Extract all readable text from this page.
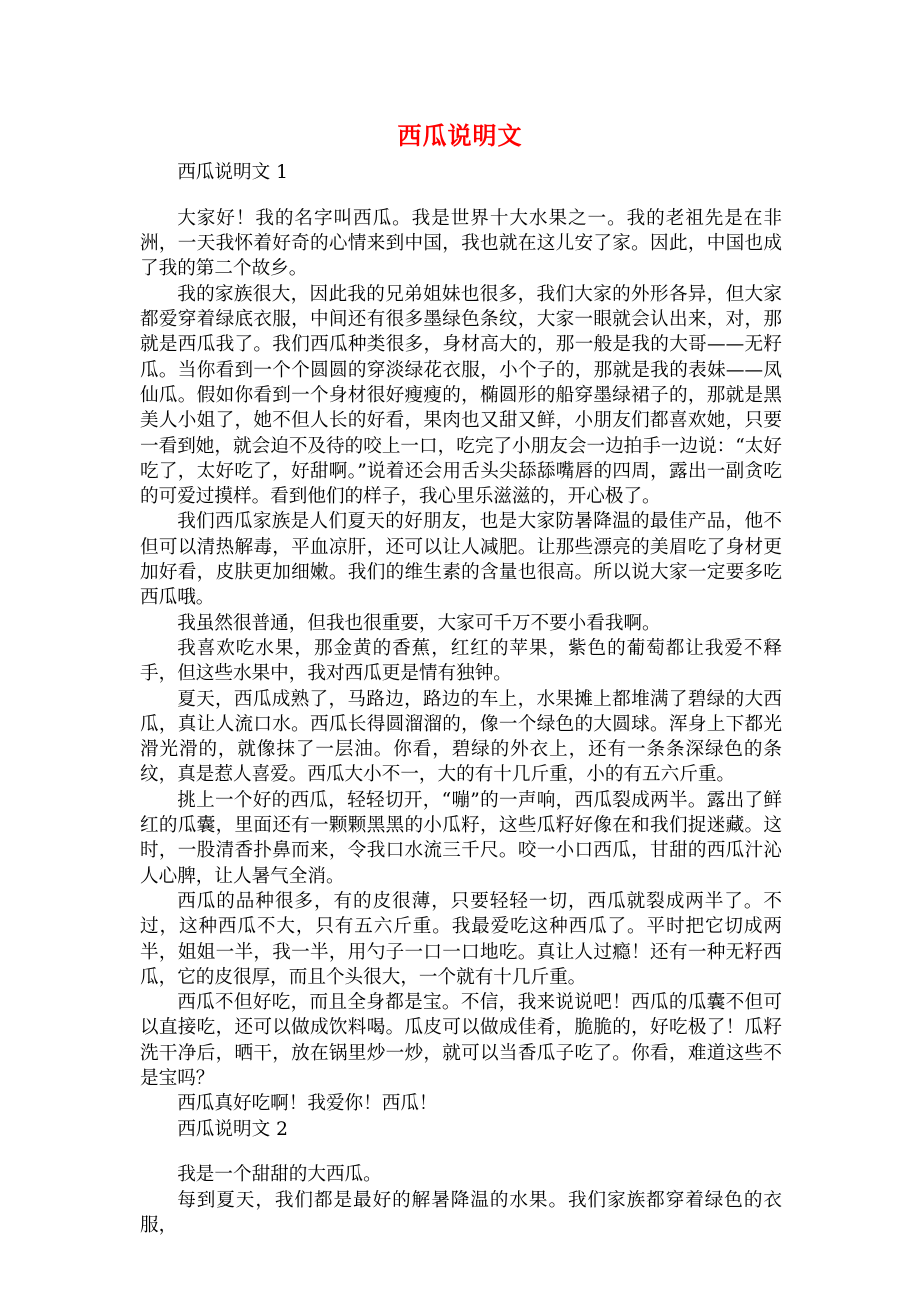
西瓜说明文

西瓜说明文 1

大家好！我的名字叫西瓜。我是世界十大水果之一。我的老祖先是在非洲，一天我怀着好奇的心情来到中国，我也就在这儿安了家。因此，中国也成了我的第二个故乡。

我的家族很大，因此我的兄弟姐妹也很多，我们大家的外形各异，但大家都爱穿着绿底衣服，中间还有很多墨绿色条纹，大家一眼就会认出来，对，那就是西瓜我了。我们西瓜种类很多，身材高大的，那一般是我的大哥——无籽瓜。当你看到一个个圆圆的穿淡绿花衣服，小个子的，那就是我的表妹——凤仙瓜。假如你看到一个身材很好瘦瘦的，椭圆形的船穿墨绿裙子的，那就是黑美人小姐了，她不但人长的好看，果肉也又甜又鲜，小朋友们都喜欢她，只要一看到她，就会迫不及待的咬上一口，吃完了小朋友会一边拍手一边说：“太好吃了，太好吃了，好甜啊。”说着还会用舌头尖舔舔嘴唇的四周，露出一副贪吃的可爱过摸样。看到他们的样子，我心里乐滋滋的，开心极了。

我们西瓜家族是人们夏天的好朋友，也是大家防暑降温的最佳产品，他不但可以清热解毒，平血凉肝，还可以让人减肥。让那些漂亮的美眉吃了身材更加好看，皮肤更加细嫩。我们的维生素的含量也很高。所以说大家一定要多吃西瓜哦。

我虽然很普通，但我也很重要，大家可千万不要小看我啊。

我喜欢吃水果，那金黄的香蕉，红红的苹果，紫色的葡萄都让我爱不释手，但这些水果中，我对西瓜更是情有独钟。

夏天，西瓜成熟了，马路边，路边的车上，水果摊上都堆满了碧绿的大西瓜，真让人流口水。西瓜长得圆溜溜的，像一个绿色的大圆球。浑身上下都光滑光滑的，就像抹了一层油。你看，碧绿的外衣上，还有一条条深绿色的条纹，真是惹人喜爱。西瓜大小不一，大的有十几斤重，小的有五六斤重。

挑上一个好的西瓜，轻轻切开，“嘣”的一声响，西瓜裂成两半。露出了鲜红的瓜囊，里面还有一颗颗黑黑的小瓜籽，这些瓜籽好像在和我们捉迷藏。这时，一股清香扑鼻而来，令我口水流三千尺。咬一小口西瓜，甘甜的西瓜汁沁人心脾，让人暑气全消。

西瓜的品种很多，有的皮很薄，只要轻轻一切，西瓜就裂成两半了。不过，这种西瓜不大，只有五六斤重。我最爱吃这种西瓜了。平时把它切成两半，姐姐一半，我一半，用勺子一口一口地吃。真让人过瘾！还有一种无籽西瓜，它的皮很厚，而且个头很大，一个就有十几斤重。

西瓜不但好吃，而且全身都是宝。不信，我来说说吧！西瓜的瓜囊不但可以直接吃，还可以做成饮料喝。瓜皮可以做成佳肴，脆脆的，好吃极了！瓜籽洗干净后，晒干，放在锅里炒一炒，就可以当香瓜子吃了。你看，难道这些不是宝吗？

西瓜真好吃啊！我爱你！西瓜！

西瓜说明文 2

我是一个甜甜的大西瓜。

每到夏天，我们都是最好的解暑降温的水果。我们家族都穿着绿色的衣服，
